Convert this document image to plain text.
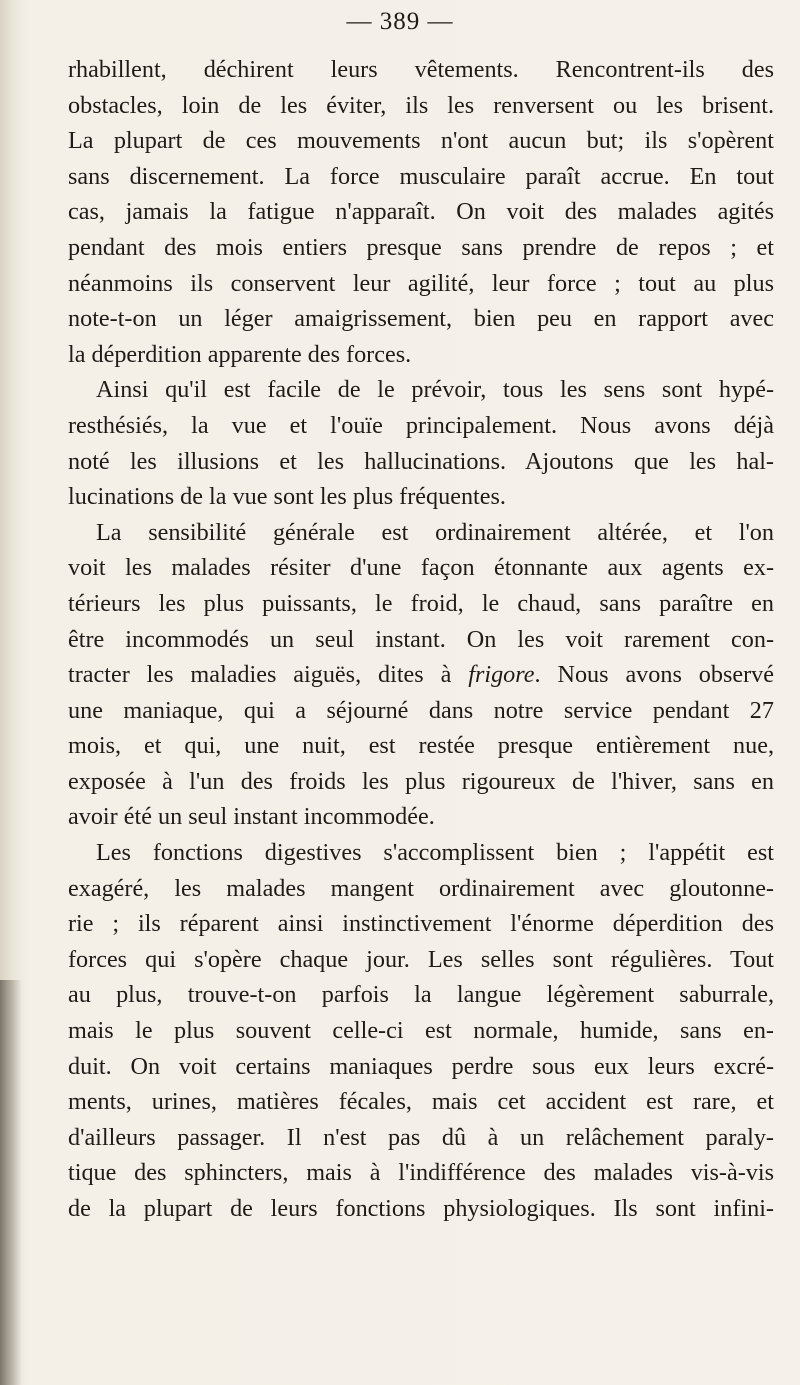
— 389 —
rhabillent, déchirent leurs vêtements. Rencontrent-ils des
obstacles, loin de les éviter, ils les renversent ou les brisent.
La plupart de ces mouvements n'ont aucun but; ils s'opèrent
sans discernement. La force musculaire paraît accrue. En tout
cas, jamais la fatigue n'apparaît. On voit des malades agités
pendant des mois entiers presque sans prendre de repos ; et
néanmoins ils conservent leur agilité, leur force ; tout au plus
note-t-on un léger amaigrissement, bien peu en rapport avec
la déperdition apparente des forces.
Ainsi qu'il est facile de le prévoir, tous les sens sont hypé-
resthésiés, la vue et l'ouïe principalement. Nous avons déjà
noté les illusions et les hallucinations. Ajoutons que les hal-
lucinations de la vue sont les plus fréquentes.
La sensibilité générale est ordinairement altérée, et l'on
voit les malades résiter d'une façon étonnante aux agents ex-
térieurs les plus puissants, le froid, le chaud, sans paraître en
être incommodés un seul instant. On les voit rarement con-
tracter les maladies aiguës, dites à frigore. Nous avons observé
une maniaque, qui a séjourné dans notre service pendant 27
mois, et qui, une nuit, est restée presque entièrement nue,
exposée à l'un des froids les plus rigoureux de l'hiver, sans en
avoir été un seul instant incommodée.
Les fonctions digestives s'accomplissent bien ; l'appétit est
exagéré, les malades mangent ordinairement avec gloutonne-
rie ; ils réparent ainsi instinctivement l'énorme déperdition des
forces qui s'opère chaque jour. Les selles sont régulières. Tout
au plus, trouve-t-on parfois la langue légèrement saburrale,
mais le plus souvent celle-ci est normale, humide, sans en-
duit. On voit certains maniaques perdre sous eux leurs excré-
ments, urines, matières fécales, mais cet accident est rare, et
d'ailleurs passager. Il n'est pas dû à un relâchement paraly-
tique des sphincters, mais à l'indifférence des malades vis-à-vis
de la plupart de leurs fonctions physiologiques. Ils sont infini-
